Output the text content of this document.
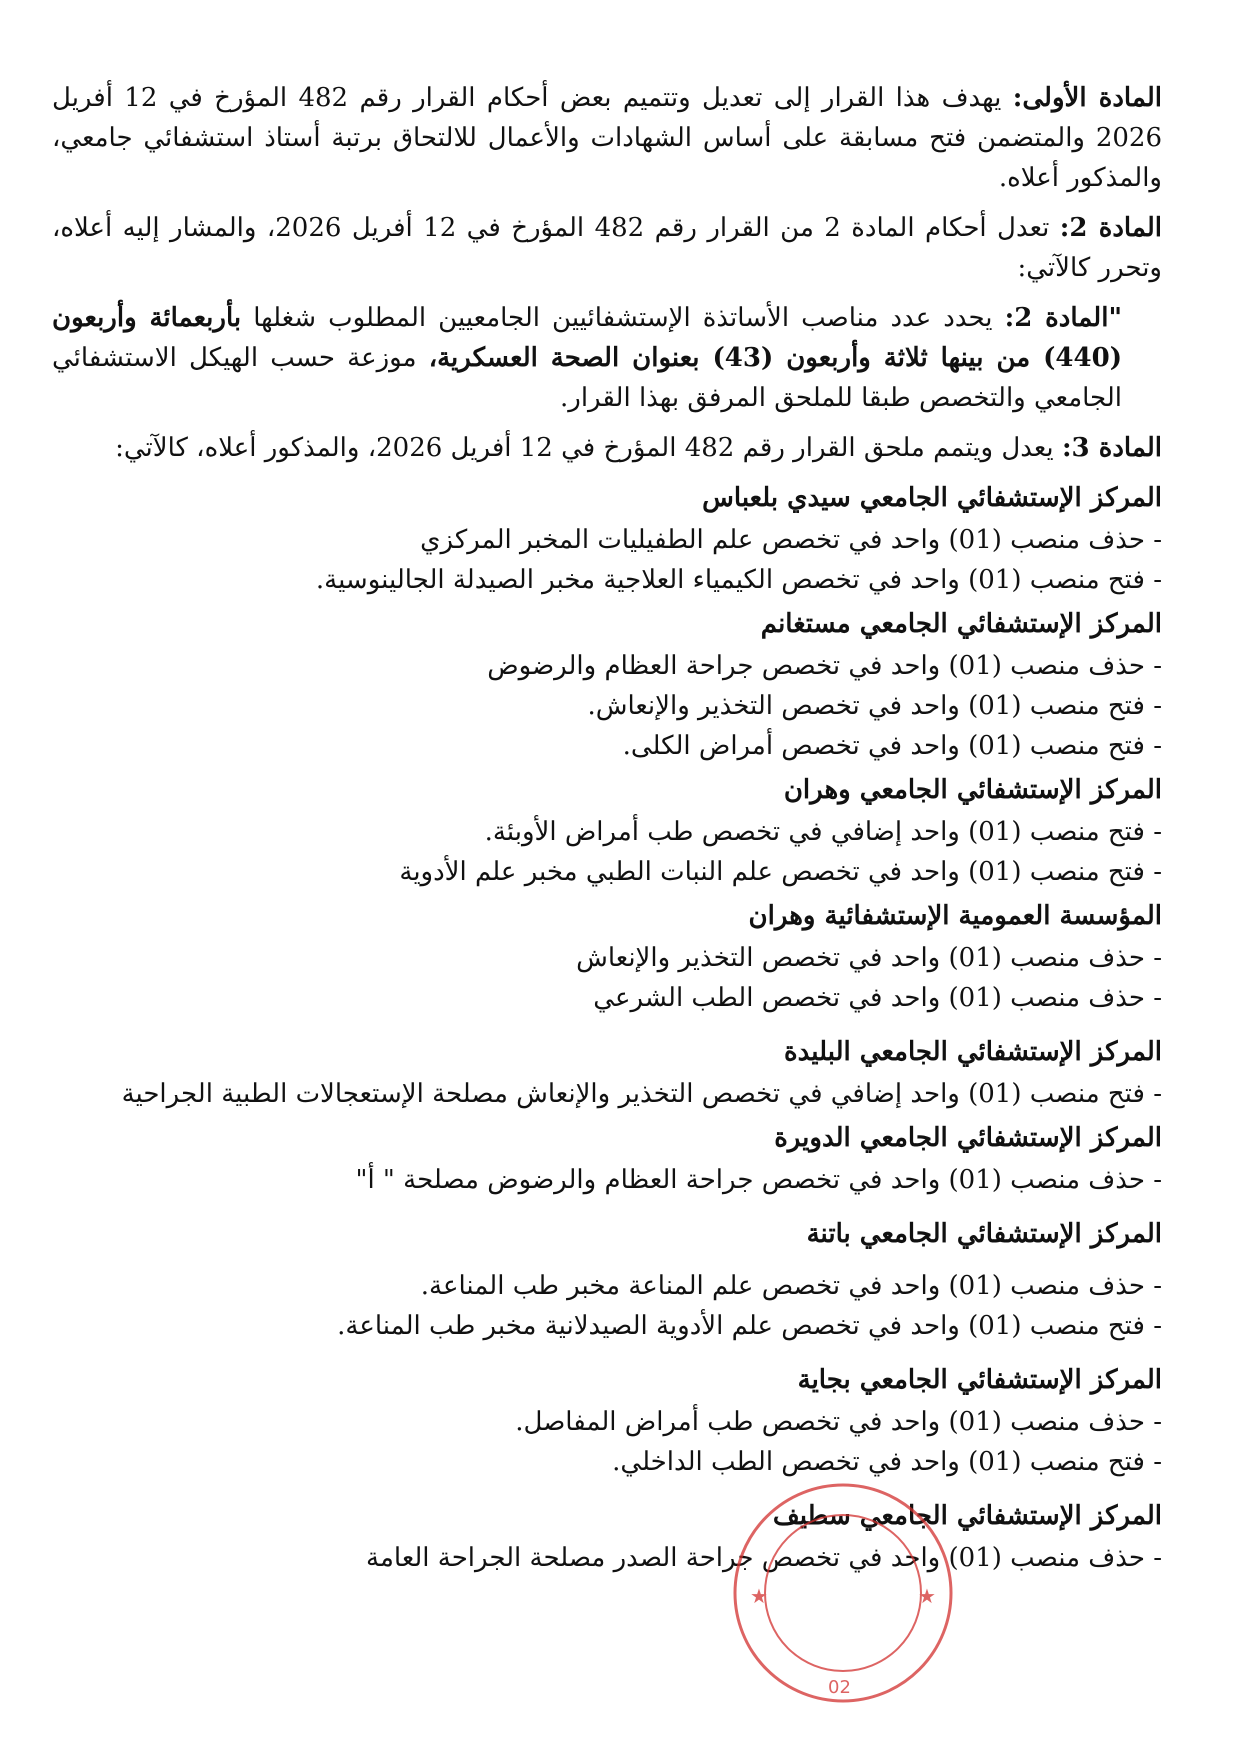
المادة الأولى: يهدف هذا القرار إلى تعديل وتتميم بعض أحكام القرار رقم 482 المؤرخ في 12 أفريل 2026 والمتضمن فتح مسابقة على أساس الشهادات والأعمال للالتحاق برتبة أستاذ استشفائي جامعي، والمذكور أعلاه.

المادة 2: تعدل أحكام المادة 2 من القرار رقم 482 المؤرخ في 12 أفريل 2026، والمشار إليه أعلاه، وتحرر كالآتي:

"المادة 2: يحدد عدد مناصب الأساتذة الإستشفائيين الجامعيين المطلوب شغلها بأربعمائة وأربعون (440) من بينها ثلاثة وأربعون (43) بعنوان الصحة العسكرية، موزعة حسب الهيكل الاستشفائي الجامعي والتخصص طبقا للملحق المرفق بهذا القرار.

المادة 3: يعدل ويتمم ملحق القرار رقم 482 المؤرخ في 12 أفريل 2026، والمذكور أعلاه، كالآتي:

المركز الإستشفائي الجامعي سيدي بلعباس
- حذف منصب (01) واحد في تخصص علم الطفيليات المخبر المركزي
- فتح منصب (01) واحد في تخصص الكيمياء العلاجية مخبر الصيدلة الجالينوسية.
المركز الإستشفائي الجامعي مستغانم
- حذف منصب (01) واحد في تخصص جراحة العظام والرضوض
- فتح منصب (01) واحد في تخصص التخذير والإنعاش.
- فتح منصب (01) واحد في تخصص أمراض الكلى.
المركز الإستشفائي الجامعي وهران
- فتح منصب (01) واحد إضافي في تخصص طب أمراض الأوبئة.
- فتح منصب (01) واحد في تخصص علم النبات الطبي مخبر علم الأدوية
المؤسسة العمومية الإستشفائية وهران
- حذف منصب (01) واحد في تخصص التخذير والإنعاش
- حذف منصب (01) واحد في تخصص الطب الشرعي
المركز الإستشفائي الجامعي البليدة
- فتح منصب (01) واحد إضافي في تخصص التخذير والإنعاش مصلحة الإستعجالات الطبية الجراحية
المركز الإستشفائي الجامعي الدويرة
- حذف منصب (01) واحد في تخصص جراحة العظام والرضوض مصلحة " أ"
المركز الإستشفائي الجامعي باتنة
- حذف منصب (01) واحد في تخصص علم المناعة مخبر طب المناعة.
- فتح منصب (01) واحد في تخصص علم الأدوية الصيدلانية مخبر طب المناعة.
المركز الإستشفائي الجامعي بجاية
- حذف منصب (01) واحد في تخصص طب أمراض المفاصل.
- فتح منصب (01) واحد في تخصص الطب الداخلي.
المركز الإستشفائي الجامعي سطيف
- حذف منصب (01) واحد في تخصص جراحة الصدر مصلحة الجراحة العامة
★	★
02
